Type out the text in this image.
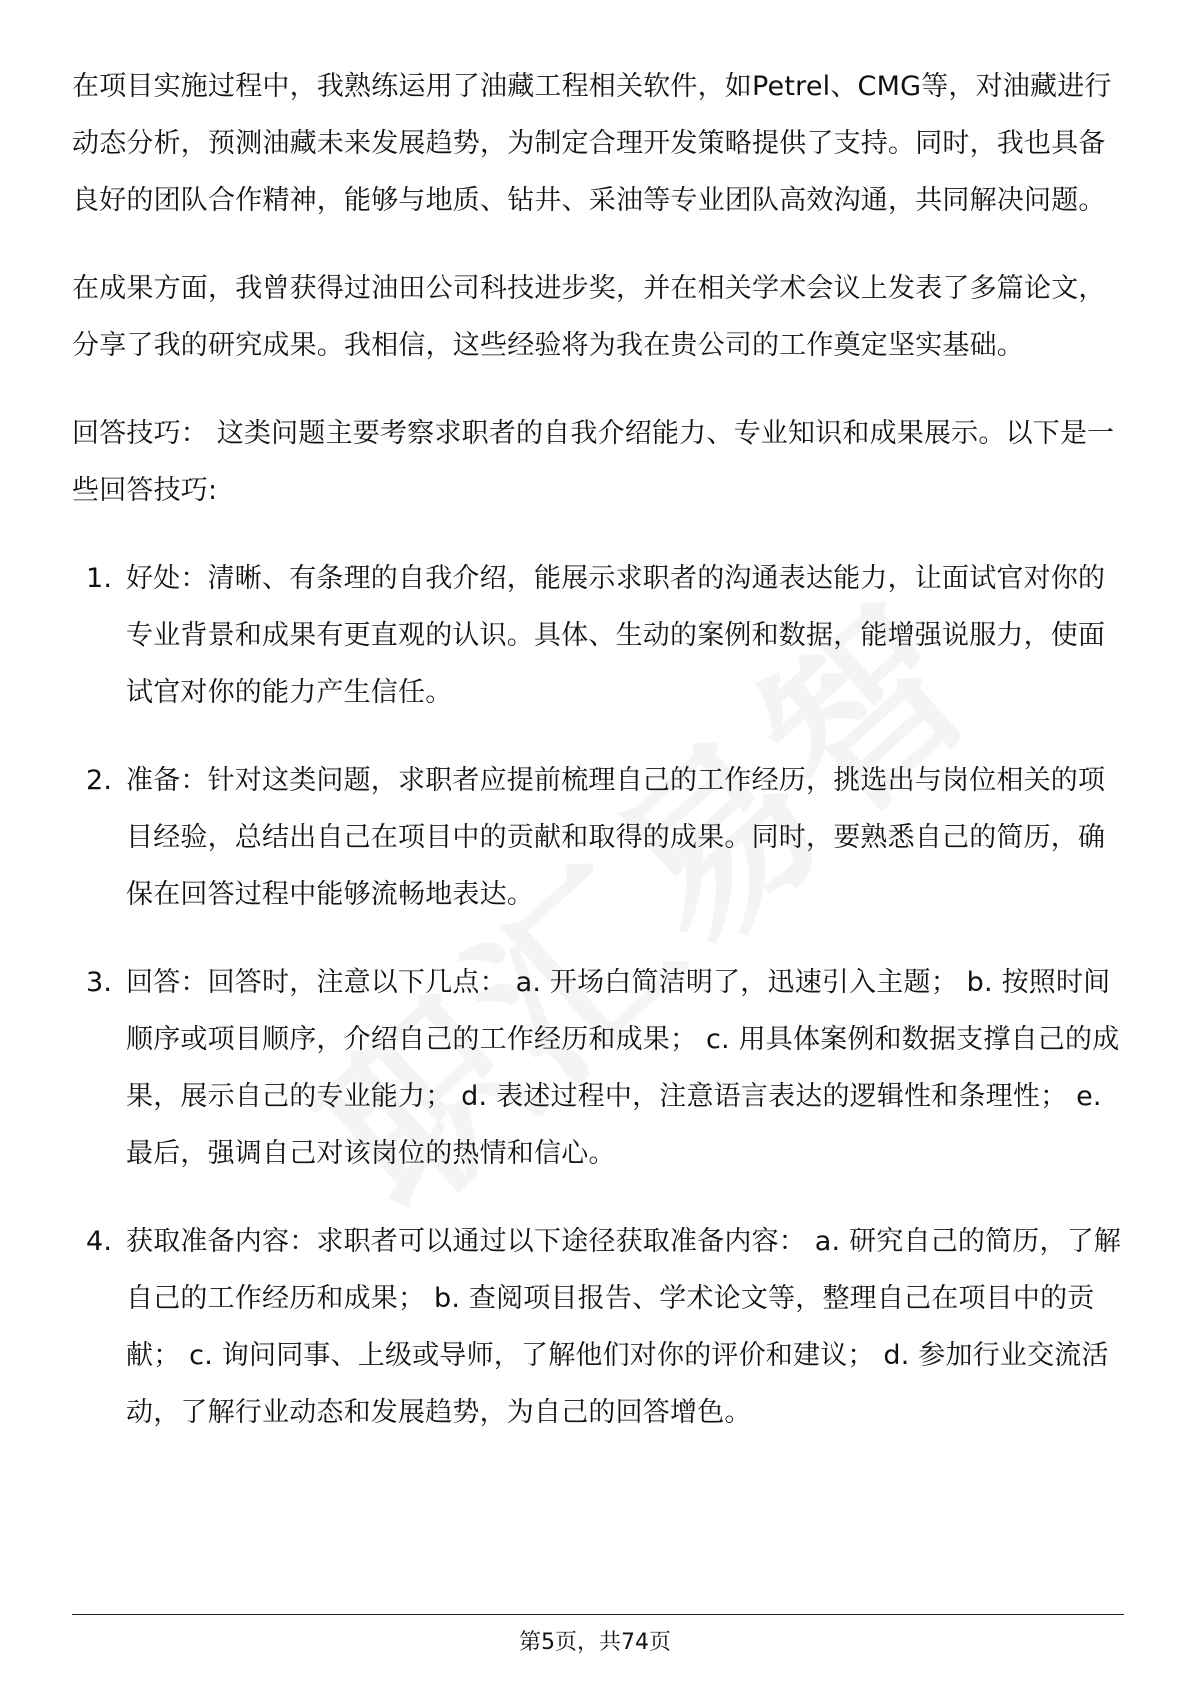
在项目实施过程中，我熟练运用了油藏工程相关软件，如Petrel、CMG等，对油藏进行动态分析，预测油藏未来发展趋势，为制定合理开发策略提供了支持。同时，我也具备良好的团队合作精神，能够与地质、钻井、采油等专业团队高效沟通，共同解决问题。

在成果方面，我曾获得过油田公司科技进步奖，并在相关学术会议上发表了多篇论文，分享了我的研究成果。我相信，这些经验将为我在贵公司的工作奠定坚实基础。

回答技巧： 这类问题主要考察求职者的自我介绍能力、专业知识和成果展示。以下是一些回答技巧:

1. 好处：清晰、有条理的自我介绍，能展示求职者的沟通表达能力，让面试官对你的专业背景和成果有更直观的认识。具体、生动的案例和数据，能增强说服力，使面试官对你的能力产生信任。
2. 准备：针对这类问题，求职者应提前梳理自己的工作经历，挑选出与岗位相关的项目经验，总结出自己在项目中的贡献和取得的成果。同时，要熟悉自己的简历，确保在回答过程中能够流畅地表达。
3. 回答：回答时，注意以下几点： a. 开场白简洁明了，迅速引入主题； b. 按照时间顺序或项目顺序，介绍自己的工作经历和成果； c. 用具体案例和数据支撑自己的成果，展示自己的专业能力； d. 表述过程中，注意语言表达的逻辑性和条理性； e. 最后，强调自己对该岗位的热情和信心。
4. 获取准备内容：求职者可以通过以下途径获取准备内容： a. 研究自己的简历，了解自己的工作经历和成果； b. 查阅项目报告、学术论文等，整理自己在项目中的贡献； c. 询问同事、上级或导师，了解他们对你的评价和建议； d. 参加行业交流活动，了解行业动态和发展趋势，为自己的回答增色。
第5页，共74页
